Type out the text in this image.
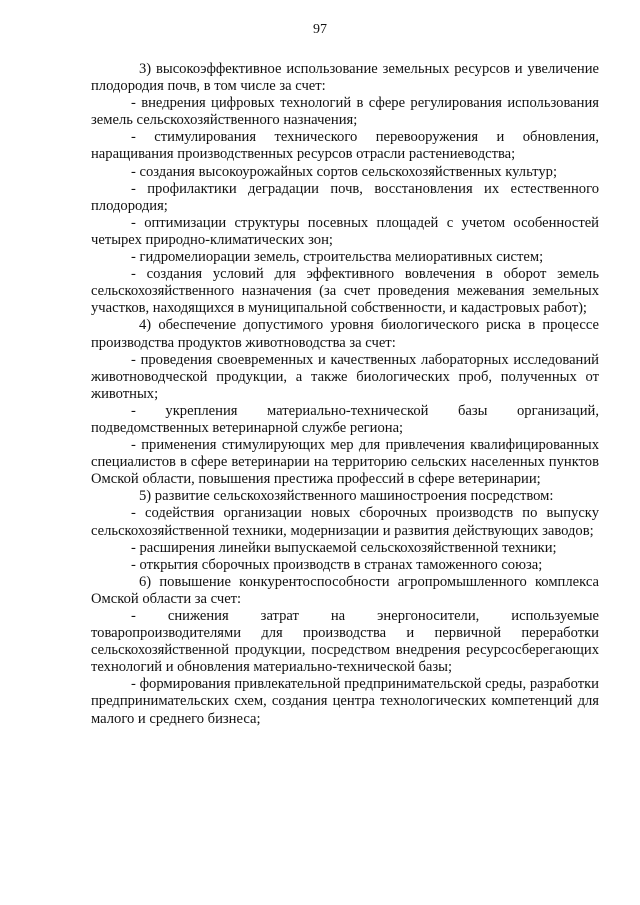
97

3) высокоэффективное использование земельных ресурсов и увеличение плодородия почв, в том числе за счет:

- внедрения цифровых технологий в сфере регулирования использования земель сельскохозяйственного назначения;

- стимулирования технического перевооружения и обновления, наращивания производственных ресурсов отрасли растениеводства;

- создания высокоурожайных сортов сельскохозяйственных культур;

- профилактики деградации почв, восстановления их естественного плодородия;

- оптимизации структуры посевных площадей с учетом особенностей четырех природно-климатических зон;

- гидромелиорации земель, строительства мелиоративных систем;

- создания условий для эффективного вовлечения в оборот земель сельскохозяйственного назначения (за счет проведения межевания земельных участков, находящихся в муниципальной собственности, и кадастровых работ);

4) обеспечение допустимого уровня биологического риска в процессе производства продуктов животноводства за счет:

- проведения своевременных и качественных лабораторных исследований животноводческой продукции, а также биологических проб, полученных от животных;

- укрепления материально-технической базы организаций, подведомственных ветеринарной службе региона;

- применения стимулирующих мер для привлечения квалифицированных специалистов в сфере ветеринарии на территорию сельских населенных пунктов Омской области, повышения престижа профессий в сфере ветеринарии;

5) развитие сельскохозяйственного машиностроения посредством:

- содействия организации новых сборочных производств по выпуску сельскохозяйственной техники, модернизации и развития действующих заводов;

- расширения линейки выпускаемой сельскохозяйственной техники;

- открытия сборочных производств в странах таможенного союза;

6) повышение конкурентоспособности агропромышленного комплекса Омской области за счет:

- снижения затрат на энергоносители, используемые товаропроизводителями для производства и первичной переработки сельскохозяйственной продукции, посредством внедрения ресурсосберегающих технологий и обновления материально-технической базы;

- формирования привлекательной предпринимательской среды, разработки предпринимательских схем, создания центра технологических компетенций для малого и среднего бизнеса;
